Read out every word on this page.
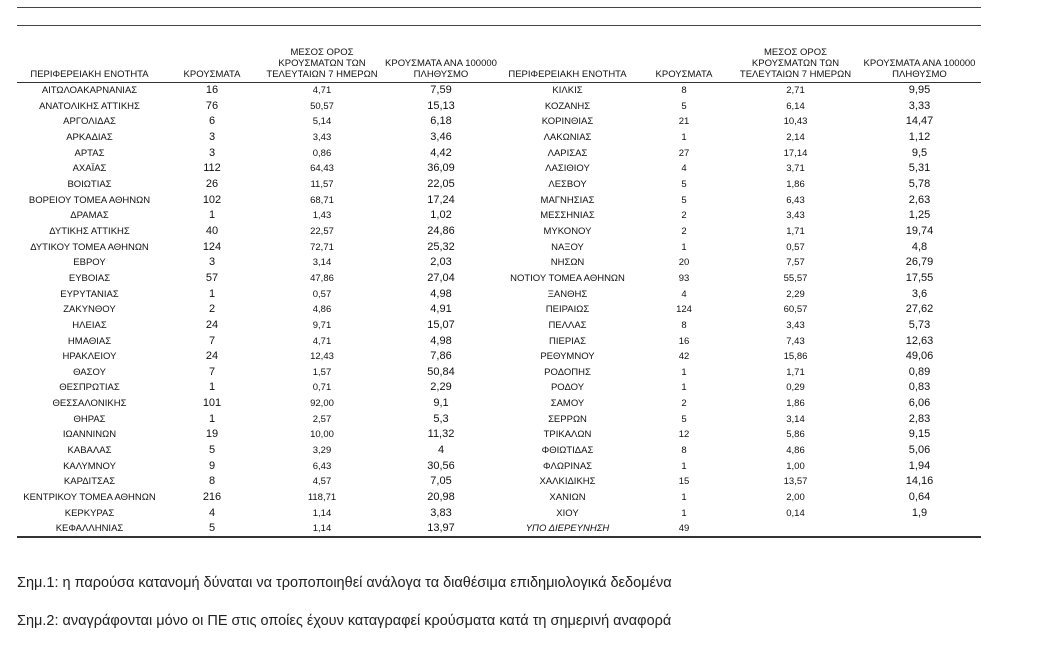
ΠΕΡΙΦΕΡΕΙΑΚΗ ΕΝΟΤΗΤΑ	ΚΡΟΥΣΜΑΤΑ	ΜΕΣΟΣ ΟΡΟΣ ΚΡΟΥΣΜΑΤΩΝ ΤΩΝ ΤΕΛΕΥΤΑΙΩΝ 7 ΗΜΕΡΩΝ	ΚΡΟΥΣΜΑΤΑ ΑΝΑ 100000 ΠΛΗΘΥΣΜΟ	ΠΕΡΙΦΕΡΕΙΑΚΗ ΕΝΟΤΗΤΑ	ΚΡΟΥΣΜΑΤΑ	ΜΕΣΟΣ ΟΡΟΣ ΚΡΟΥΣΜΑΤΩΝ ΤΩΝ ΤΕΛΕΥΤΑΙΩΝ 7 ΗΜΕΡΩΝ	ΚΡΟΥΣΜΑΤΑ ΑΝΑ 100000 ΠΛΗΘΥΣΜΟ
ΑΙΤΩΛΟΑΚΑΡΝΑΝΙΑΣ	16	4,71	7,59	ΚΙΛΚΙΣ	8	2,71	9,95
ΑΝΑΤΟΛΙΚΗΣ ΑΤΤΙΚΗΣ	76	50,57	15,13	ΚΟΖΑΝΗΣ	5	6,14	3,33
ΑΡΓΟΛΙΔΑΣ	6	5,14	6,18	ΚΟΡΙΝΘΙΑΣ	21	10,43	14,47
ΑΡΚΑΔΙΑΣ	3	3,43	3,46	ΛΑΚΩΝΙΑΣ	1	2,14	1,12
ΑΡΤΑΣ	3	0,86	4,42	ΛΑΡΙΣΑΣ	27	17,14	9,5
ΑΧΑΪΑΣ	112	64,43	36,09	ΛΑΣΙΘΙΟΥ	4	3,71	5,31
ΒΟΙΩΤΙΑΣ	26	11,57	22,05	ΛΕΣΒΟΥ	5	1,86	5,78
ΒΟΡΕΙΟΥ ΤΟΜΕΑ ΑΘΗΝΩΝ	102	68,71	17,24	ΜΑΓΝΗΣΙΑΣ	5	6,43	2,63
ΔΡΑΜΑΣ	1	1,43	1,02	ΜΕΣΣΗΝΙΑΣ	2	3,43	1,25
ΔΥΤΙΚΗΣ ΑΤΤΙΚΗΣ	40	22,57	24,86	ΜΥΚΟΝΟΥ	2	1,71	19,74
ΔΥΤΙΚΟΥ ΤΟΜΕΑ ΑΘΗΝΩΝ	124	72,71	25,32	ΝΑΞΟΥ	1	0,57	4,8
ΕΒΡΟΥ	3	3,14	2,03	ΝΗΣΩΝ	20	7,57	26,79
ΕΥΒΟΙΑΣ	57	47,86	27,04	ΝΟΤΙΟΥ ΤΟΜΕΑ ΑΘΗΝΩΝ	93	55,57	17,55
ΕΥΡΥΤΑΝΙΑΣ	1	0,57	4,98	ΞΑΝΘΗΣ	4	2,29	3,6
ΖΑΚΥΝΘΟΥ	2	4,86	4,91	ΠΕΙΡΑΙΩΣ	124	60,57	27,62
ΗΛΕΙΑΣ	24	9,71	15,07	ΠΕΛΛΑΣ	8	3,43	5,73
ΗΜΑΘΙΑΣ	7	4,71	4,98	ΠΙΕΡΙΑΣ	16	7,43	12,63
ΗΡΑΚΛΕΙΟΥ	24	12,43	7,86	ΡΕΘΥΜΝΟΥ	42	15,86	49,06
ΘΑΣΟΥ	7	1,57	50,84	ΡΟΔΟΠΗΣ	1	1,71	0,89
ΘΕΣΠΡΩΤΙΑΣ	1	0,71	2,29	ΡΟΔΟΥ	1	0,29	0,83
ΘΕΣΣΑΛΟΝΙΚΗΣ	101	92,00	9,1	ΣΑΜΟΥ	2	1,86	6,06
ΘΗΡΑΣ	1	2,57	5,3	ΣΕΡΡΩΝ	5	3,14	2,83
ΙΩΑΝΝΙΝΩΝ	19	10,00	11,32	ΤΡΙΚΑΛΩΝ	12	5,86	9,15
ΚΑΒΑΛΑΣ	5	3,29	4	ΦΘΙΩΤΙΔΑΣ	8	4,86	5,06
ΚΑΛΥΜΝΟΥ	9	6,43	30,56	ΦΛΩΡΙΝΑΣ	1	1,00	1,94
ΚΑΡΔΙΤΣΑΣ	8	4,57	7,05	ΧΑΛΚΙΔΙΚΗΣ	15	13,57	14,16
ΚΕΝΤΡΙΚΟΥ ΤΟΜΕΑ ΑΘΗΝΩΝ	216	118,71	20,98	ΧΑΝΙΩΝ	1	2,00	0,64
ΚΕΡΚΥΡΑΣ	4	1,14	3,83	ΧΙΟΥ	1	0,14	1,9
ΚΕΦΑΛΛΗΝΙΑΣ	5	1,14	13,97	ΥΠΟ ΔΙΕΡΕΥΝΗΣΗ	49		

Σημ.1: η παρούσα κατανομή δύναται να τροποποιηθεί ανάλογα τα διαθέσιμα επιδημιολογικά δεδομένα

Σημ.2: αναγράφονται μόνο οι ΠΕ στις οποίες έχουν καταγραφεί κρούσματα κατά τη σημερινή αναφορά
